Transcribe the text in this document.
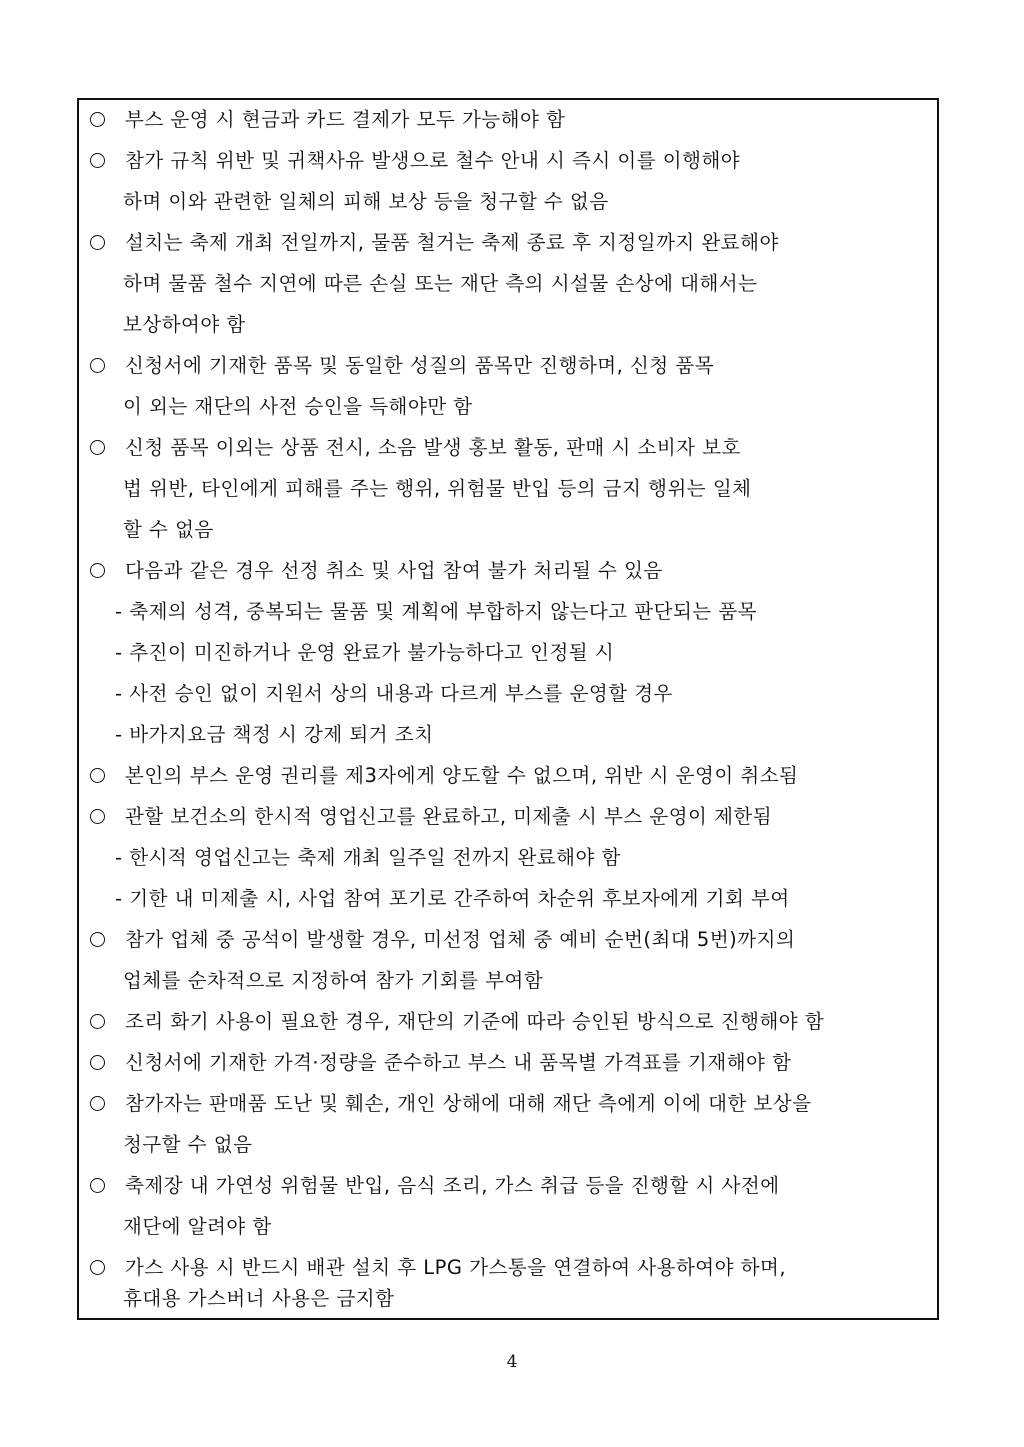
부스 운영 시 현금과 카드 결제가 모두 가능해야 함
참가 규칙 위반 및 귀책사유 발생으로 철수 안내 시 즉시 이를 이행해야
하며 이와 관련한 일체의 피해 보상 등을 청구할 수 없음
설치는 축제 개최 전일까지, 물품 철거는 축제 종료 후 지정일까지 완료해야
하며 물품 철수 지연에 따른 손실 또는 재단 측의 시설물 손상에 대해서는
보상하여야 함
신청서에 기재한 품목 및 동일한 성질의 품목만 진행하며, 신청 품목
이 외는 재단의 사전 승인을 득해야만 함
신청 품목 이외는 상품 전시, 소음 발생 홍보 활동, 판매 시 소비자 보호
법 위반, 타인에게 피해를 주는 행위, 위험물 반입 등의 금지 행위는 일체
할 수 없음
다음과 같은 경우 선정 취소 및 사업 참여 불가 처리될 수 있음
- 축제의 성격, 중복되는 물품 및 계획에 부합하지 않는다고 판단되는 품목
- 추진이 미진하거나 운영 완료가 불가능하다고 인정될 시
- 사전 승인 없이 지원서 상의 내용과 다르게 부스를 운영할 경우
- 바가지요금 책정 시 강제 퇴거 조치
본인의 부스 운영 권리를 제3자에게 양도할 수 없으며, 위반 시 운영이 취소됨
관할 보건소의 한시적 영업신고를 완료하고, 미제출 시 부스 운영이 제한됨
- 한시적 영업신고는 축제 개최 일주일 전까지 완료해야 함
- 기한 내 미제출 시, 사업 참여 포기로 간주하여 차순위 후보자에게 기회 부여
참가 업체 중 공석이 발생할 경우, 미선정 업체 중 예비 순번(최대 5번)까지의
업체를 순차적으로 지정하여 참가 기회를 부여함
조리 화기 사용이 필요한 경우, 재단의 기준에 따라 승인된 방식으로 진행해야 함
신청서에 기재한 가격·정량을 준수하고 부스 내 품목별 가격표를 기재해야 함
참가자는 판매품 도난 및 훼손, 개인 상해에 대해 재단 측에게 이에 대한 보상을
청구할 수 없음
축제장 내 가연성 위험물 반입, 음식 조리, 가스 취급 등을 진행할 시 사전에
재단에 알려야 함
가스 사용 시 반드시 배관 설치 후 LPG 가스통을 연결하여 사용하여야 하며,
휴대용 가스버너 사용은 금지함
4
